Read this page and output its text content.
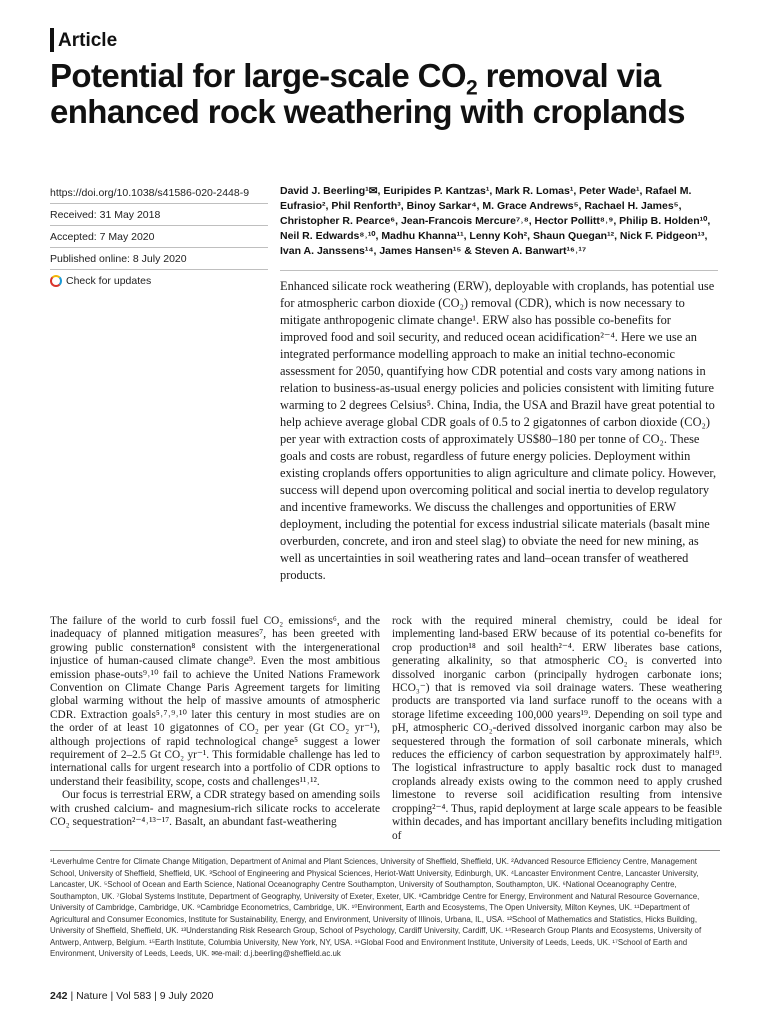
Article
Potential for large-scale $CO_2$ removal via
enhanced rock weathering with croplands
https://doi.org/10.1038/s41586-020-2448-9
Received: 31 May 2018
Accepted: 7 May 2020
Published online: 8 July 2020
Check for updates
David J. Beerling¹✉, Euripides P. Kantzas¹, Mark R. Lomas¹, Peter Wade¹, Rafael M. Eufrasio², Phil Renforth³, Binoy Sarkar⁴, M. Grace Andrews⁵, Rachael H. James⁵, Christopher R. Pearce⁶, Jean-Francois Mercure⁷˒⁸, Hector Pollitt⁸˒⁹, Philip B. Holden¹⁰, Neil R. Edwards⁸˒¹⁰, Madhu Khanna¹¹, Lenny Koh², Shaun Quegan¹², Nick F. Pidgeon¹³, Ivan A. Janssens¹⁴, James Hansen¹⁵ & Steven A. Banwart¹⁶˒¹⁷

Enhanced silicate rock weathering (ERW), deployable with croplands, has potential use for atmospheric carbon dioxide (CO₂) removal (CDR), which is now necessary to mitigate anthropogenic climate change¹. ERW also has possible co-benefits for improved food and soil security, and reduced ocean acidification²⁻⁴. Here we use an integrated performance modelling approach to make an initial techno-economic assessment for 2050, quantifying how CDR potential and costs vary among nations in relation to business-as-usual energy policies and policies consistent with limiting future warming to 2 degrees Celsius⁵. China, India, the USA and Brazil have great potential to help achieve average global CDR goals of 0.5 to 2 gigatonnes of carbon dioxide (CO₂) per year with extraction costs of approximately US$80–180 per tonne of CO₂. These goals and costs are robust, regardless of future energy policies. Deployment within existing croplands offers opportunities to align agriculture and climate policy. However, success will depend upon overcoming political and social inertia to develop regulatory and incentive frameworks. We discuss the challenges and opportunities of ERW deployment, including the potential for excess industrial silicate materials (basalt mine overburden, concrete, and iron and steel slag) to obviate the need for new mining, as well as uncertainties in soil weathering rates and land–ocean transfer of weathered products.

The failure of the world to curb fossil fuel CO₂ emissions⁶, and the inadequacy of planned mitigation measures⁷, has been greeted with growing public consternation⁸ consistent with the intergenerational injustice of human-caused climate change⁹. Even the most ambitious emission phase-outs⁹˒¹⁰ fail to achieve the United Nations Framework Convention on Climate Change Paris Agreement targets for limiting global warming without the help of massive amounts of atmospheric CDR. Extraction goals⁵˒⁷˒⁹˒¹⁰ later this century in most studies are on the order of at least 10 gigatonnes of CO₂ per year (Gt CO₂ yr⁻¹), although projections of rapid technological change⁵ suggest a lower requirement of 2–2.5 Gt CO₂ yr⁻¹. This formidable challenge has led to international calls for urgent research into a portfolio of CDR options to understand their feasibility, scope, costs and challenges¹¹˒¹².

Our focus is terrestrial ERW, a CDR strategy based on amending soils with crushed calcium- and magnesium-rich silicate rocks to accelerate CO₂ sequestration²⁻⁴˒¹³⁻¹⁷. Basalt, an abundant fast-weathering

rock with the required mineral chemistry, could be ideal for implementing land-based ERW because of its potential co-benefits for crop production¹⁸ and soil health²⁻⁴. ERW liberates base cations, generating alkalinity, so that atmospheric CO₂ is converted into dissolved inorganic carbon (principally hydrogen carbonate ions; HCO₃⁻) that is removed via soil drainage waters. These weathering products are transported via land surface runoff to the oceans with a storage lifetime exceeding 100,000 years¹⁹. Depending on soil type and pH, atmospheric CO₂-derived dissolved inorganic carbon may also be sequestered through the formation of soil carbonate minerals, which reduces the efficiency of carbon sequestration by approximately half¹⁹. The logistical infrastructure to apply basaltic rock dust to managed croplands already exists owing to the common need to apply crushed limestone to reverse soil acidification resulting from intensive cropping²⁻⁴. Thus, rapid deployment at large scale appears to be feasible within decades, and has important ancillary benefits including mitigation of

¹Leverhulme Centre for Climate Change Mitigation, Department of Animal and Plant Sciences, University of Sheffield, Sheffield, UK. ²Advanced Resource Efficiency Centre, Management School, University of Sheffield, Sheffield, UK. ³School of Engineering and Physical Sciences, Heriot-Watt University, Edinburgh, UK. ⁴Lancaster Environment Centre, Lancaster University, Lancaster, UK. ⁵School of Ocean and Earth Science, National Oceanography Centre Southampton, University of Southampton, Southampton, UK. ⁶National Oceanography Centre, Southampton, UK. ⁷Global Systems Institute, Department of Geography, University of Exeter, Exeter, UK. ⁸Cambridge Centre for Energy, Environment and Natural Resource Governance, University of Cambridge, Cambridge, UK. ⁹Cambridge Econometrics, Cambridge, UK. ¹⁰Environment, Earth and Ecosystems, The Open University, Milton Keynes, UK. ¹¹Department of Agricultural and Consumer Economics, Institute for Sustainability, Energy, and Environment, University of Illinois, Urbana, IL, USA. ¹²School of Mathematics and Statistics, Hicks Building, University of Sheffield, Sheffield, UK. ¹³Understanding Risk Research Group, School of Psychology, Cardiff University, Cardiff, UK. ¹⁴Research Group Plants and Ecosystems, University of Antwerp, Antwerp, Belgium. ¹⁵Earth Institute, Columbia University, New York, NY, USA. ¹⁶Global Food and Environment Institute, University of Leeds, Leeds, UK. ¹⁷School of Earth and Environment, University of Leeds, Leeds, UK. ✉e-mail: d.j.beerling@sheffield.ac.uk

242 | Nature | Vol 583 | 9 July 2020
